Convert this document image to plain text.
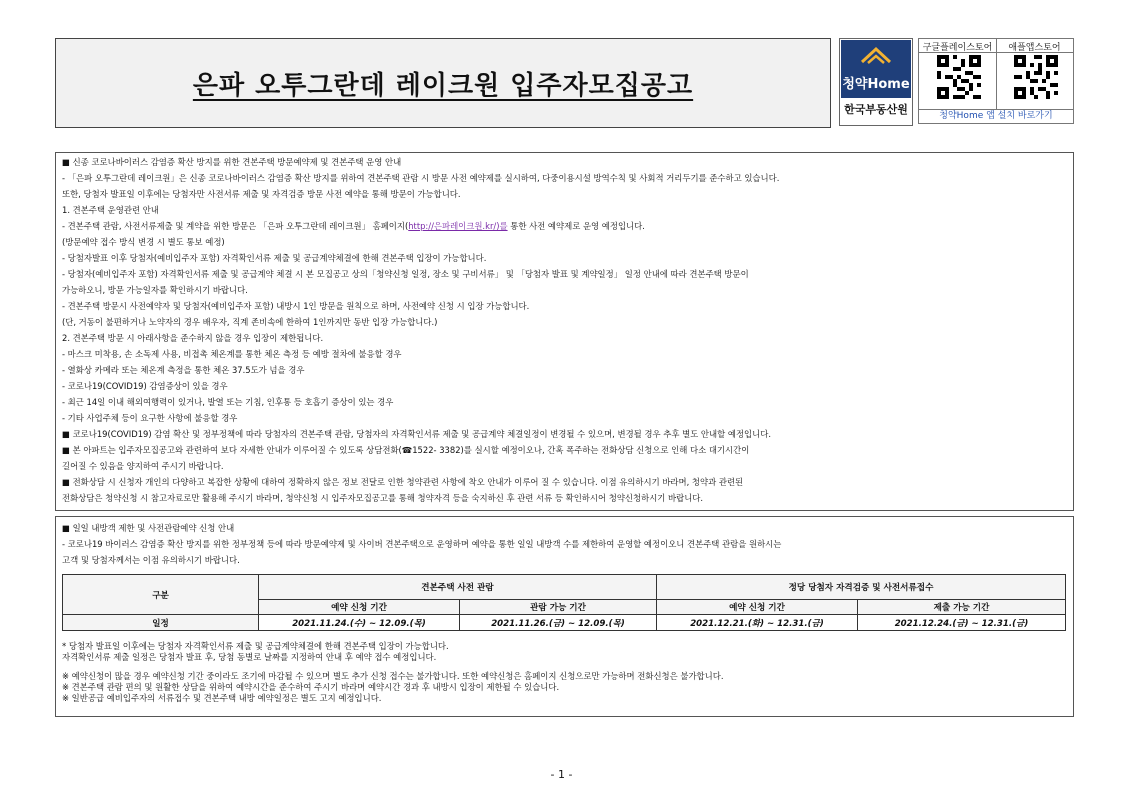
은파 오투그란데 레이크원 입주자모집공고	청약Home
한국부동산원
구글플레이스토어	애플앱스토어
청약Home 앱 설치 바로가기
■ 신종 코로나바이러스 감염증 확산 방지를 위한 견본주택 방문예약제 및 견본주택 운영 안내
- 「은파 오투그란데 레이크원」은 신종 코로나바이러스 감염증 확산 방지를 위하여 견본주택 관람 시 방문 사전 예약제를 실시하여, 다중이용시설 방역수칙 및 사회적 거리두기를 준수하고 있습니다.
또한, 당첨자 발표일 이후에는 당첨자만 사전서류 제출 및 자격검증 방문 사전 예약을 통해 방문이 가능합니다.
1. 견본주택 운영관련 안내
- 견본주택 관람, 사전서류제출 및 계약을 위한 방문은 「은파 오투그란데 레이크원」 홈페이지(http://은파레이크원.kr/)를 통한 사전 예약제로 운영 예정입니다.
(방문예약 접수 방식 변경 시 별도 통보 예정)
- 당첨자발표 이후 당첨자(예비입주자 포함) 자격확인서류 제출 및 공급계약체결에 한해 견본주택 입장이 가능합니다.
- 당첨자(예비입주자 포함) 자격확인서류 제출 및 공급계약 체결 시 본 모집공고 상의「청약신청 일정, 장소 및 구비서류」 및 「당첨자 발표 및 계약일정」 일정 안내에 따라 견본주택 방문이
가능하오니, 방문 가능일자를 확인하시기 바랍니다.
- 견본주택 방문시 사전예약자 및 당첨자(예비입주자 포함) 내방시 1인 방문을 원칙으로 하며, 사전예약 신청 시 입장 가능합니다.
(단, 거동이 불편하거나 노약자의 경우 배우자, 직계 존비속에 한하여 1인까지만 동반 입장 가능합니다.)
2. 견본주택 방문 시 아래사항을 준수하지 않을 경우 입장이 제한됩니다.
- 마스크 미착용, 손 소독제 사용, 비접촉 체온계를 통한 체온 측정 등 예방 절차에 불응할 경우
- 열화상 카메라 또는 체온계 측정을 통한 체온 37.5도가 넘을 경우
- 코로나19(COVID19) 감염증상이 있을 경우
- 최근 14일 이내 해외여행력이 있거나, 발열 또는 기침, 인후통 등 호흡기 증상이 있는 경우
- 기타 사업주체 등이 요구한 사항에 불응할 경우
■ 코로나19(COVID19) 감염 확산 및 정부정책에 따라 당첨자의 견본주택 관람, 당첨자의 자격확인서류 제출 및 공급계약 체결일정이 변경될 수 있으며, 변경될 경우 추후 별도 안내할 예정입니다.
■ 본 아파트는 입주자모집공고와 관련하여 보다 자세한 안내가 이루어질 수 있도록 상담전화(☎1522- 3382)를 실시할 예정이오나, 간혹 폭주하는 전화상담 신청으로 인해 다소 대기시간이
길어질 수 있음을 양지하여 주시기 바랍니다.
■ 전화상담 시 신청자 개인의 다양하고 복잡한 상황에 대하여 정확하지 않은 정보 전달로 인한 청약관련 사항에 착오 안내가 이루어 질 수 있습니다. 이점 유의하시기 바라며, 청약과 관련된
전화상담은 청약신청 시 참고자료로만 활용해 주시기 바라며, 청약신청 시 입주자모집공고를 통해 청약자격 등을 숙지하신 후 관련 서류 등 확인하시어 청약신청하시기 바랍니다.
■ 일일 내방객 제한 및 사전관람예약 신청 안내
- 코로나19 바이러스 감염증 확산 방지를 위한 정부정책 등에 따라 방문예약제 및 사이버 견본주택으로 운영하며 예약을 통한 일일 내방객 수를 제한하여 운영할 예정이오니 견본주택 관람을 원하시는
고객 및 당첨자께서는 이점 유의하시기 바랍니다.
구분	견본주택 사전 관람		정당 당첨자 자격검증 및 사전서류접수	
	예약 신청 기간	관람 가능 기간	예약 신청 기간	제출 가능 기간
일정	2021.11.24.(수) ~ 12.09.(목)	2021.11.26.(금) ~ 12.09.(목)	2021.12.21.(화) ~ 12.31.(금)	2021.12.24.(금) ~ 12.31.(금)
* 당첨자 발표일 이후에는 당첨자 자격확인서류 제출 및 공급계약체결에 한해 견본주택 입장이 가능합니다.
자격확인서류 제출 일정은 당첨자 발표 후, 당첨 동별로 날짜를 지정하여 안내 후 예약 접수 예정입니다.
※ 예약신청이 많을 경우 예약신청 기간 중이라도 조기에 마감될 수 있으며 별도 추가 신청 접수는 불가합니다. 또한 예약신청은 홈페이지 신청으로만 가능하며 전화신청은 불가합니다.
※ 견본주택 관람 편의 및 원활한 상담을 위하여 예약시간을 준수하여 주시기 바라며 예약시간 경과 후 내방시 입장이 제한될 수 있습니다.
※ 일반공급 예비입주자의 서류접수 및 견본주택 내방 예약일정은 별도 고지 예정입니다.
- 1 -
